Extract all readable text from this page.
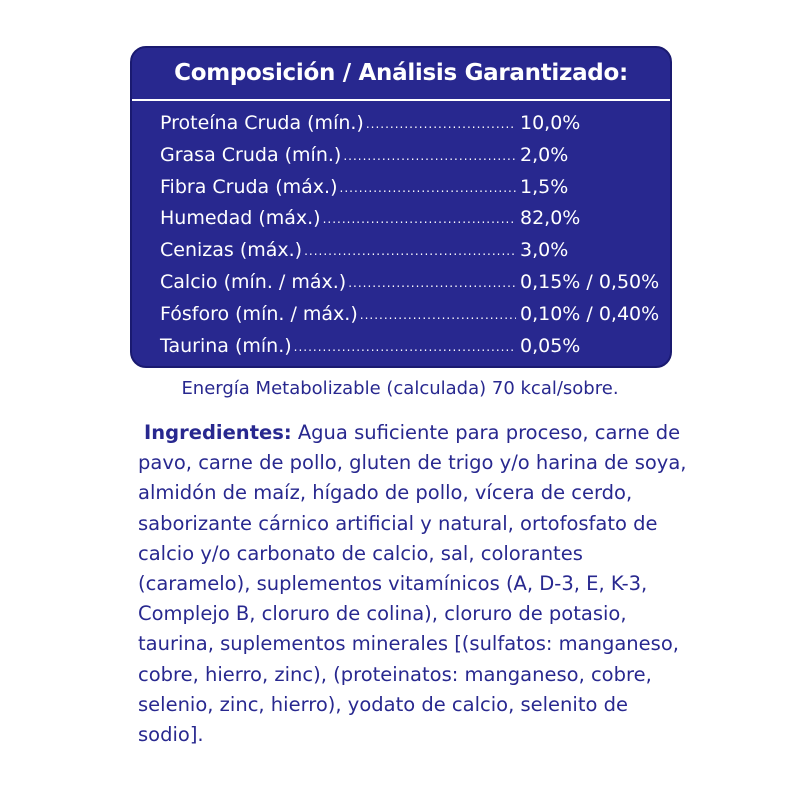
Composición / Análisis Garantizado:
Proteína Cruda (mín.) .....	10,0%
Grasa Cruda (mín.) .....	2,0%
Fibra Cruda (máx.) .....	1,5%
Humedad (máx.) .....	82,0%
Cenizas (máx.) .....	3,0%
Calcio (mín. / máx.) .....	0,15% / 0,50%
Fósforo (mín. / máx.) .....	0,10% / 0,40%
Taurina (mín.) .....	0,05%
Energía Metabolizable (calculada) 70 kcal/sobre.
Ingredientes: Agua suficiente para proceso, carne de pavo, carne de pollo, gluten de trigo y/o harina de soya, almidón de maíz, hígado de pollo, vícera de cerdo, saborizante cárnico artificial y natural, ortofosfato de calcio y/o carbonato de calcio, sal, colorantes (caramelo), suplementos vitamínicos (A, D-3, E, K-3, Complejo B, cloruro de colina), cloruro de potasio, taurina, suplementos minerales [(sulfatos: manganeso, cobre, hierro, zinc), (proteinatos: manganeso, cobre, selenio, zinc, hierro), yodato de calcio, selenito de sodio].
